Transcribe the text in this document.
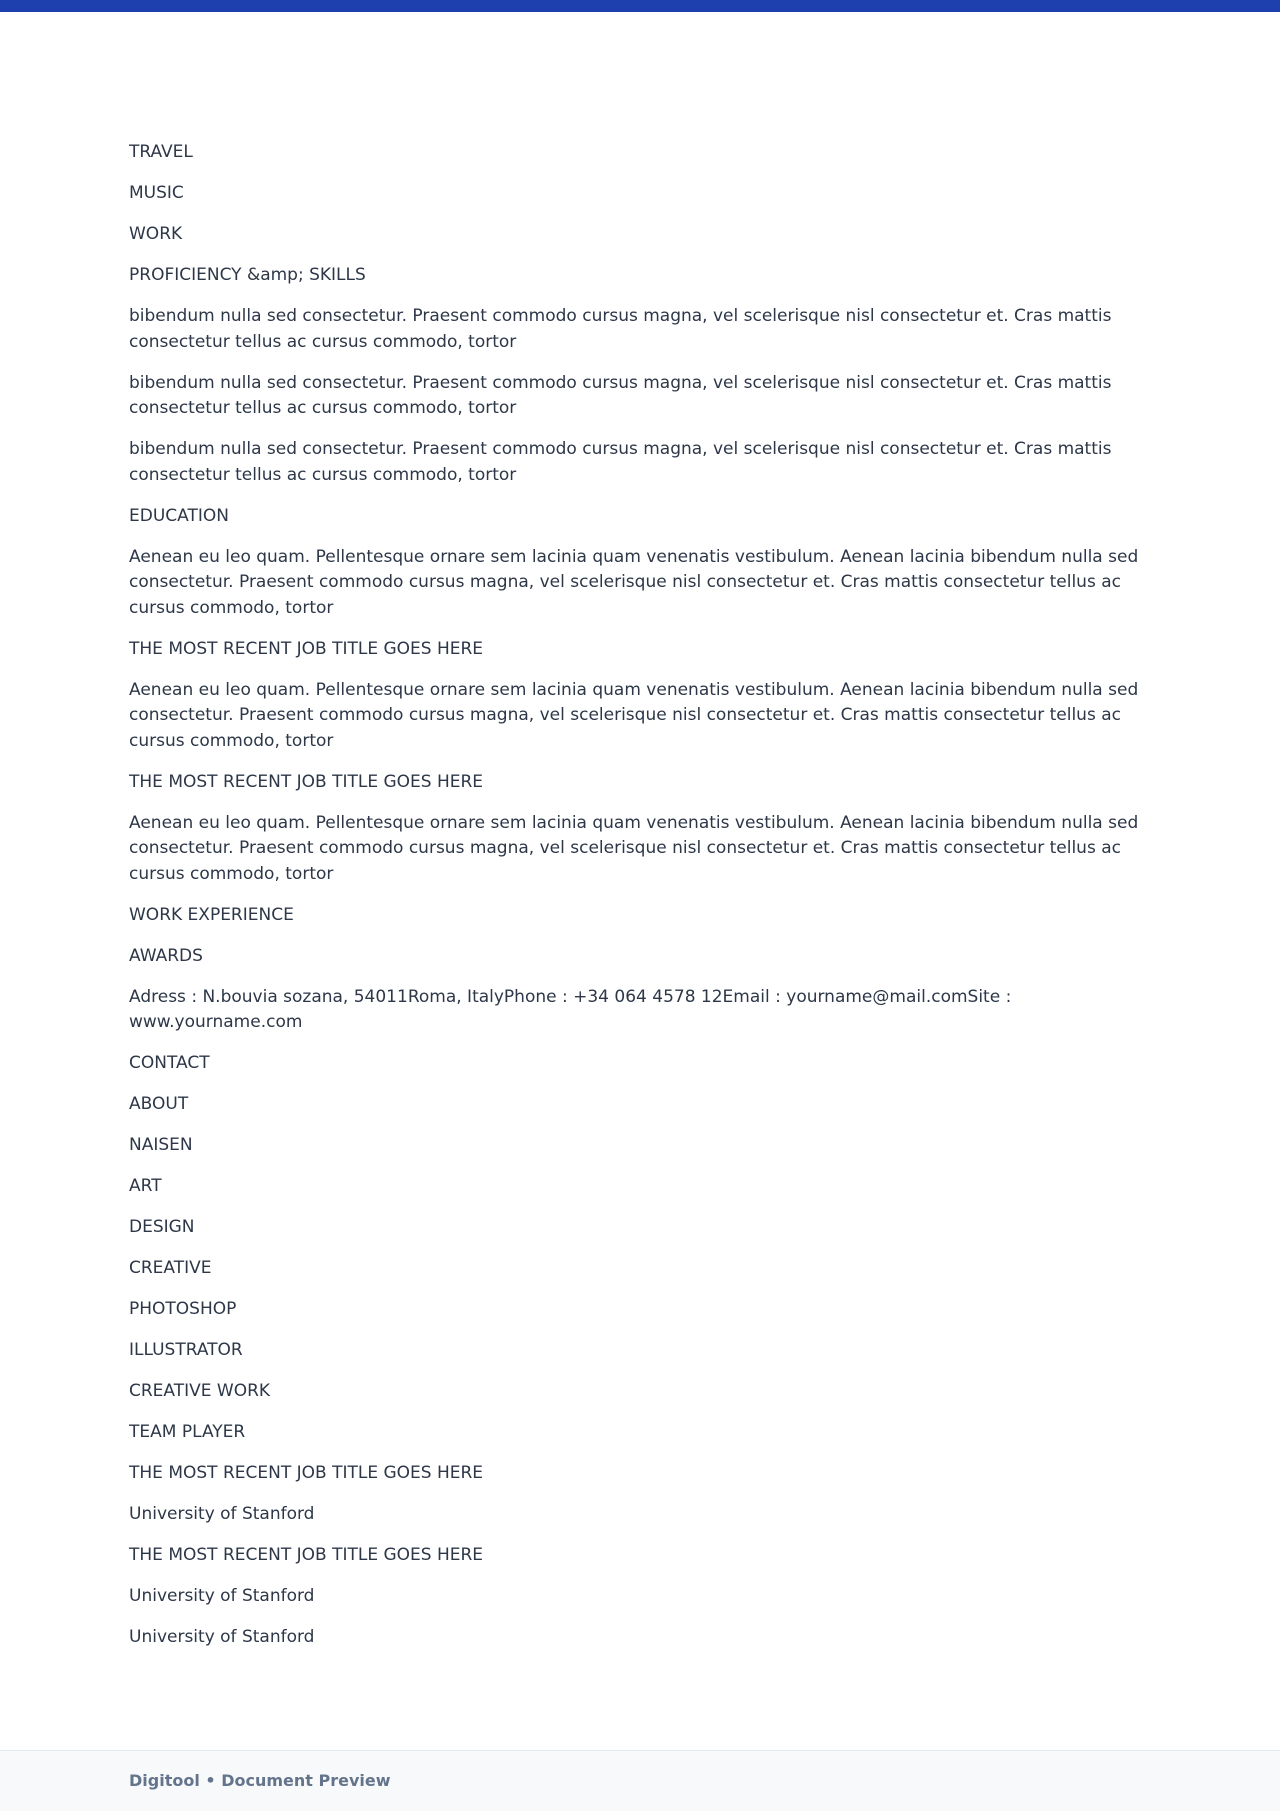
TRAVEL

MUSIC

WORK

PROFICIENCY &amp; SKILLS

bibendum nulla sed consectetur. Praesent commodo cursus magna, vel scelerisque nisl consectetur et. Cras mattis consectetur tellus ac cursus commodo, tortor

bibendum nulla sed consectetur. Praesent commodo cursus magna, vel scelerisque nisl consectetur et. Cras mattis consectetur tellus ac cursus commodo, tortor

bibendum nulla sed consectetur. Praesent commodo cursus magna, vel scelerisque nisl consectetur et. Cras mattis consectetur tellus ac cursus commodo, tortor

EDUCATION

Aenean eu leo quam. Pellentesque ornare sem lacinia quam venenatis vestibulum. Aenean lacinia bibendum nulla sed consectetur. Praesent commodo cursus magna, vel scelerisque nisl consectetur et. Cras mattis consectetur tellus ac cursus commodo, tortor

THE MOST RECENT JOB TITLE GOES HERE

Aenean eu leo quam. Pellentesque ornare sem lacinia quam venenatis vestibulum. Aenean lacinia bibendum nulla sed consectetur. Praesent commodo cursus magna, vel scelerisque nisl consectetur et. Cras mattis consectetur tellus ac cursus commodo, tortor

THE MOST RECENT JOB TITLE GOES HERE

Aenean eu leo quam. Pellentesque ornare sem lacinia quam venenatis vestibulum. Aenean lacinia bibendum nulla sed consectetur. Praesent commodo cursus magna, vel scelerisque nisl consectetur et. Cras mattis consectetur tellus ac cursus commodo, tortor

WORK EXPERIENCE

AWARDS

Adress : N.bouvia sozana, 54011Roma, ItalyPhone : +34 064 4578 12Email : yourname@mail.comSite : www.yourname.com

CONTACT

ABOUT

NAISEN

ART

DESIGN

CREATIVE

PHOTOSHOP

ILLUSTRATOR

CREATIVE WORK

TEAM PLAYER

THE MOST RECENT JOB TITLE GOES HERE

University of Stanford

THE MOST RECENT JOB TITLE GOES HERE

University of Stanford

University of Stanford

Digitool • Document Preview
